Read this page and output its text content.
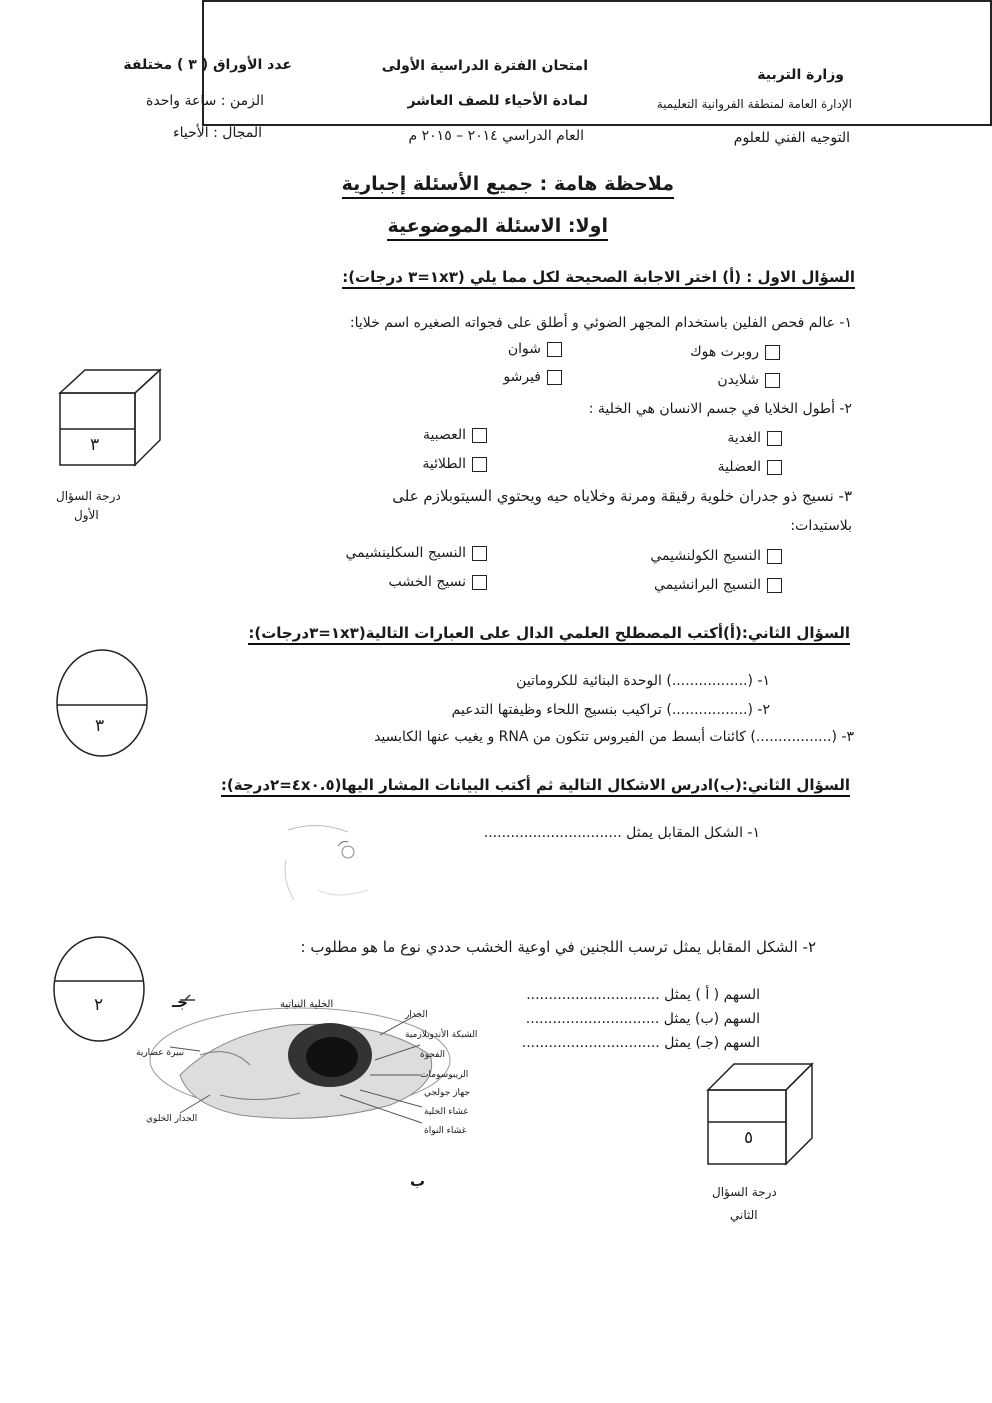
وزارة التربية
الإدارة العامة لمنطقة الفروانية التعليمية
التوجيه الفني للعلوم
امتحان الفترة الدراسية الأولى
لمادة الأحياء للصف العاشر
العام الدراسي ٢٠١٤ – ٢٠١٥ م
عدد الأوراق ( ٣ ) مختلفة
الزمن : ساعة واحدة
المجال : الأحياء
ملاحظة هامة : جميع الأسئلة إجبارية
اولا: الاسئلة الموضوعية
السؤال الاول : (أ) اختر الاجابة الصحيحة لكل مما يلي (١x٣=٣ درجات):
١- عالم فحص الفلين باستخدام المجهر الضوئي و أطلق على فجواته الصغيره اسم خلايا:
روبرت هوك
شوان
شلايدن
فيرشو
٢- أطول الخلايا في جسم الانسان هي الخلية :
الغدية
العصبية
العضلية
الطلائية
٣- نسيج ذو جدران خلوية رقيقة ومرنة وخلاياه حيه ويحتوي السيتوبلازم على
بلاستيدات:
النسيج الكولنشيمي
النسيج السكلينشيمي
النسيج البرانشيمي
نسيج الخشب
٣
درجة السؤال
الأول
السؤال الثاني:(أ)أكتب المصطلح العلمي الدال على العبارات التالية(١x٣=٣درجات):
١- (.................) الوحدة البنائية للكروماتين
٢- (.................) تراكيب بنسيج اللحاء وظيفتها التدعيم
٣- (.................) كائنات أبسط من الفيروس تتكون من RNA و يغيب عنها الكابسيد
٣
السؤال الثاني:(ب)ادرس الاشكال التالية ثم أكتب البيانات المشار اليها(٤x٠.٥=٢درجة):
١- الشكل المقابل يمثل ...............................
٢- الشكل المقابل يمثل ترسب اللجنين في اوعية الخشب حددي نوع ما هو مطلوب :
السهم ( أ ) يمثل ..............................
السهم (ب) يمثل ..............................
السهم (جـ) يمثل ...............................
٢	الخلية النباتية
الجدار
الشبكة الأندوبلازمية
الفجوة
الريبوسومات
جهاز جولجي
غشاء الخلية
غشاء النواة
نبيرة عصارية
الجدار الخلوي
جـ
ب
٥
درجة السؤال
الثاني
